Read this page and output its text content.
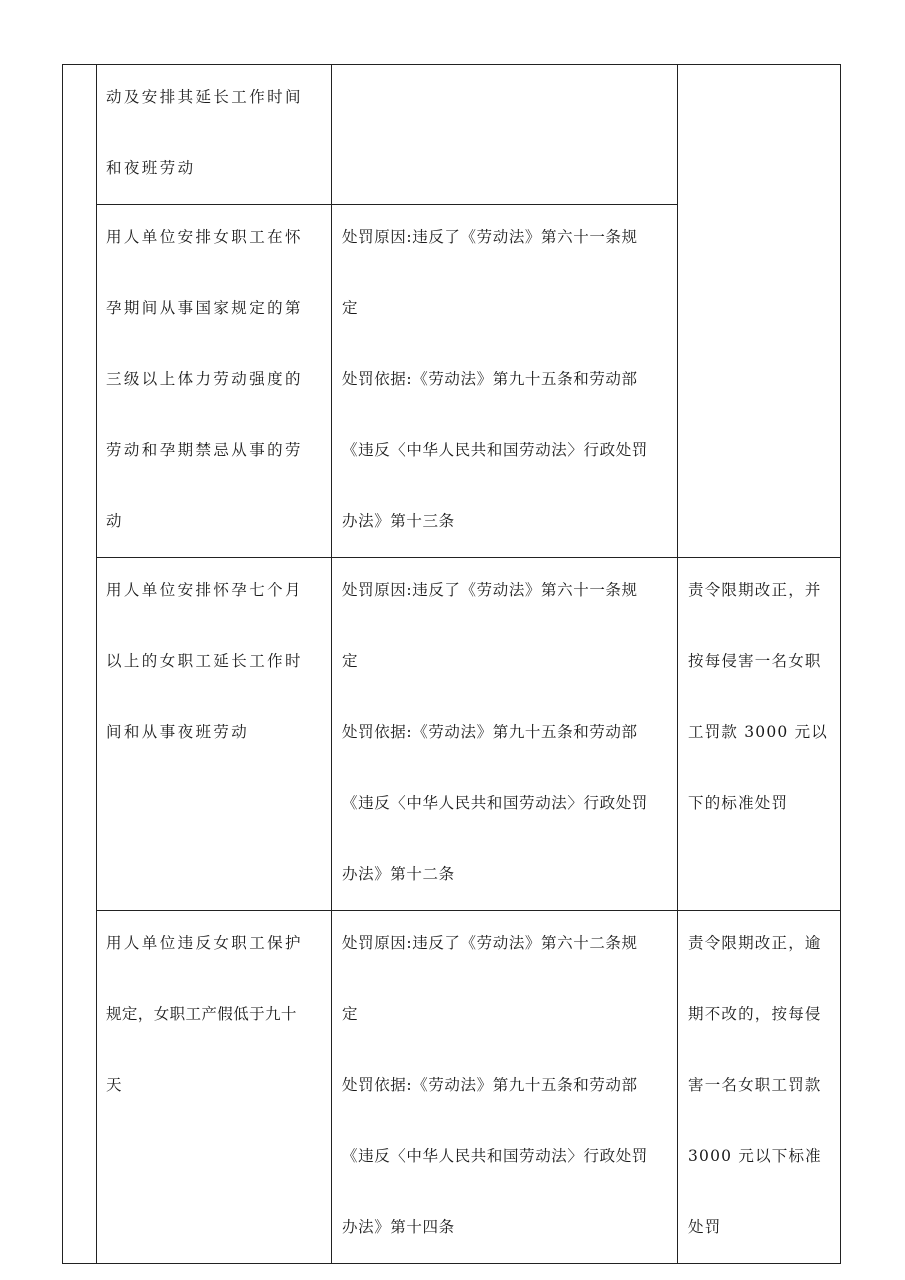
	动及安排其延长工作时间
和夜班劳动		

	用人单位安排女职工在怀
孕期间从事国家规定的第
三级以上体力劳动强度的
劳动和孕期禁忌从事的劳
动	处罚原因:违反了《劳动法》第六十一条规
定
处罚依据:《劳动法》第九十五条和劳动部
《违反〈中华人民共和国劳动法〉行政处罚
办法》第十三条	

	用人单位安排怀孕七个月
以上的女职工延长工作时
间和从事夜班劳动	处罚原因:违反了《劳动法》第六十一条规
定
处罚依据:《劳动法》第九十五条和劳动部
《违反〈中华人民共和国劳动法〉行政处罚
办法》第十二条	责令限期改正，并
按每侵害一名女职
工罚款 3000 元以
下的标准处罚

	用人单位违反女职工保护
规定，女职工产假低于九十
天	处罚原因:违反了《劳动法》第六十二条规
定
处罚依据:《劳动法》第九十五条和劳动部
《违反〈中华人民共和国劳动法〉行政处罚
办法》第十四条	责令限期改正，逾
期不改的，按每侵
害一名女职工罚款
3000 元以下标准
处罚
